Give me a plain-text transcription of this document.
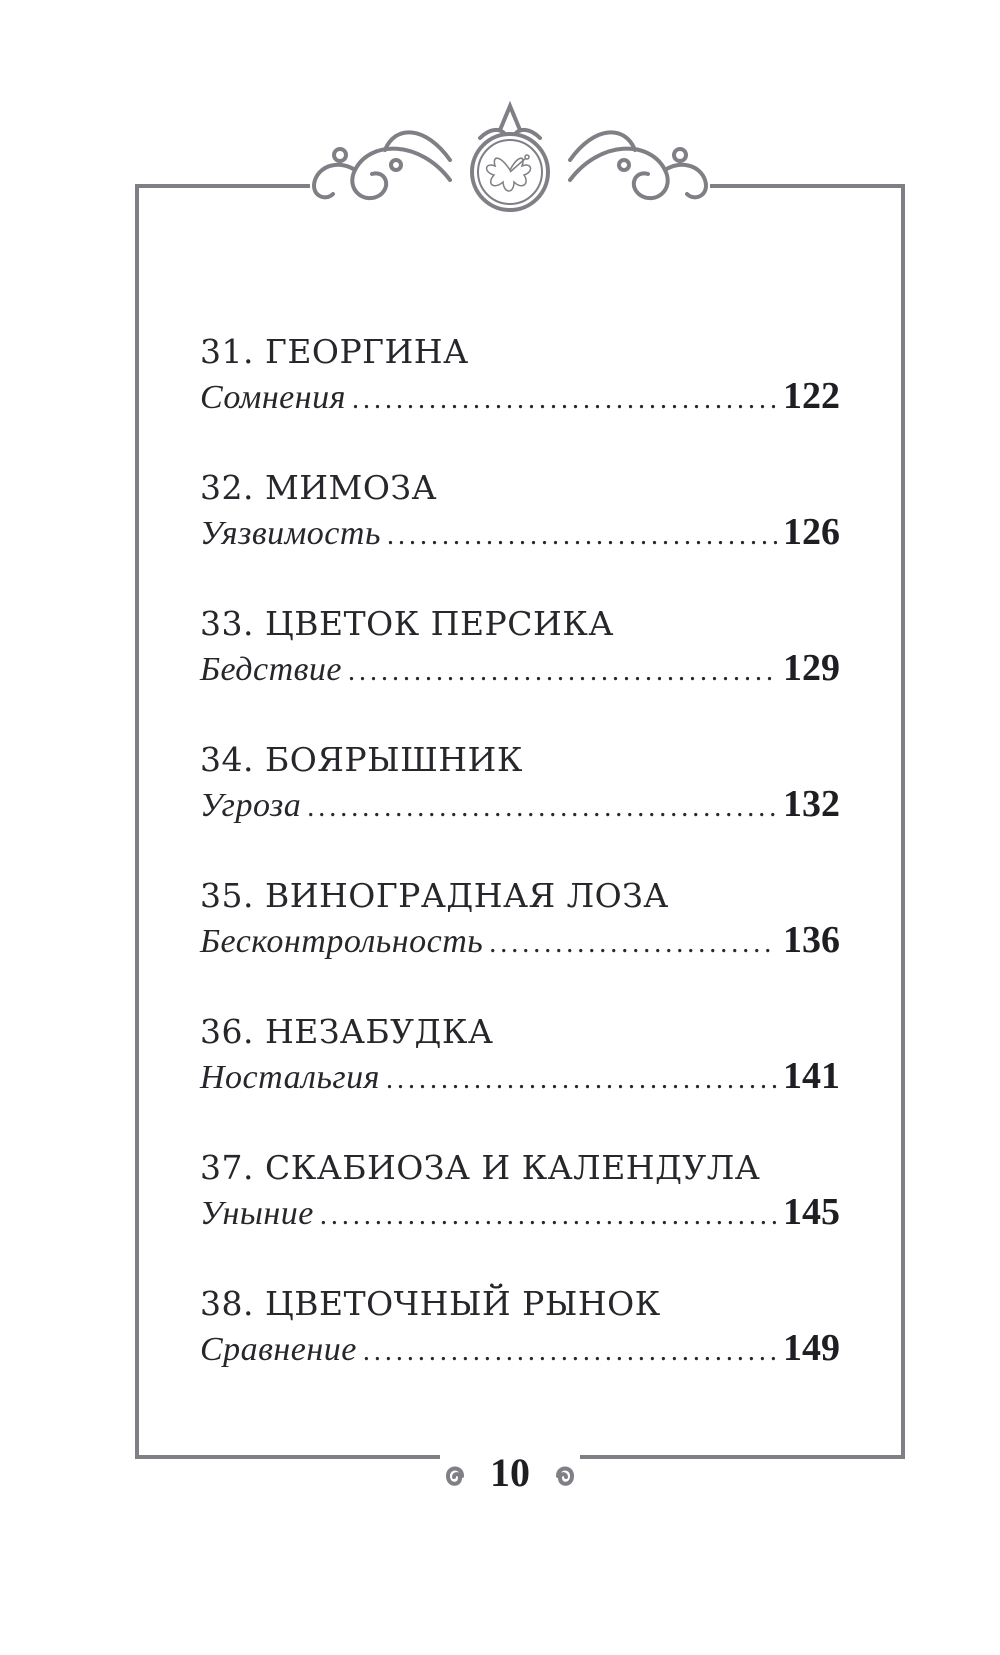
31. ГЕОРГИНА
Сомнения .....	122
32. МИМОЗА
Уязвимость .....	126
33. ЦВЕТОК ПЕРСИКА
Бедствие .....	129
34. БОЯРЫШНИК
Угроза .....	132
35. ВИНОГРАДНАЯ ЛОЗА
Бесконтрольность .....	136
36. НЕЗАБУДКА
Ностальгия .....	141
37. СКАБИОЗА И КАЛЕНДУЛА
Уныние .....	145
38. ЦВЕТОЧНЫЙ РЫНОК
Сравнение .....	149
10
